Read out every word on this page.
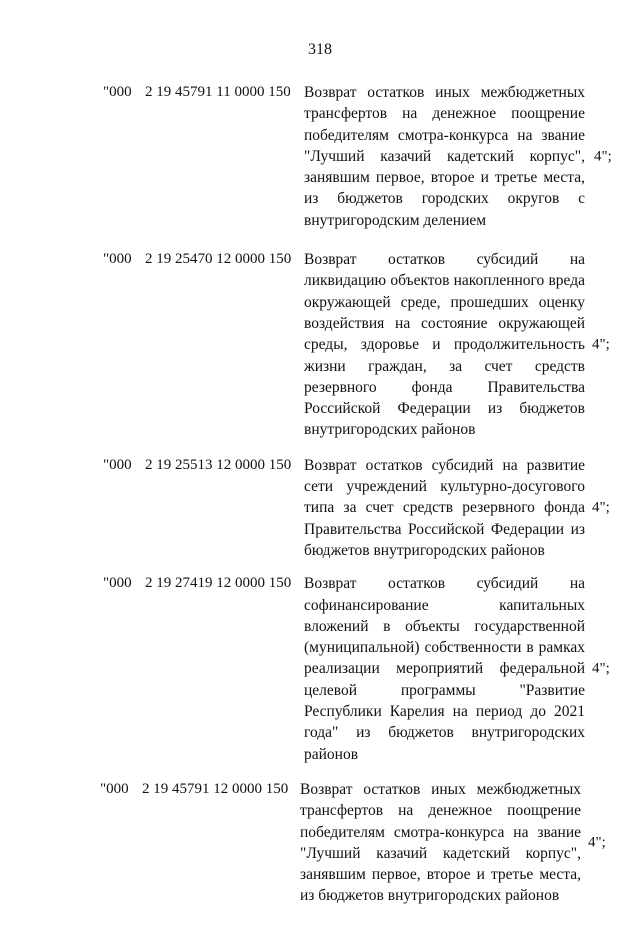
318
"000 2 19 45791 11 0000 150 Возврат остатков иных межбюджетных трансфертов на денежное поощрение победителям смотра-конкурса на звание "Лучший казачий кадетский корпус", занявшим первое, второе и третье места, из бюджетов городских округов с внутригородским делением
4";
"000 2 19 25470 12 0000 150 Возврат остатков субсидий на ликвидацию объектов накопленного вреда окружающей среде, прошедших оценку воздействия на состояние окружающей среды, здоровье и продолжительность жизни граждан, за счет средств резервного фонда Правительства Российской Федерации из бюджетов внутригородских районов
4";
"000 2 19 25513 12 0000 150 Возврат остатков субсидий на развитие сети учреждений культурно-досугового типа за счет средств резервного фонда Правительства Российской Федерации из бюджетов внутригородских районов
4";
"000 2 19 27419 12 0000 150 Возврат остатков субсидий на софинансирование капитальных вложений в объекты государственной (муниципальной) собственности в рамках реализации мероприятий федеральной целевой программы "Развитие Республики Карелия на период до 2021 года" из бюджетов внутригородских районов
4";
"000 2 19 45791 12 0000 150 Возврат остатков иных межбюджетных трансфертов на денежное поощрение победителям смотра-конкурса на звание "Лучший казачий кадетский корпус", занявшим первое, второе и третье места, из бюджетов внутригородских районов
4";
